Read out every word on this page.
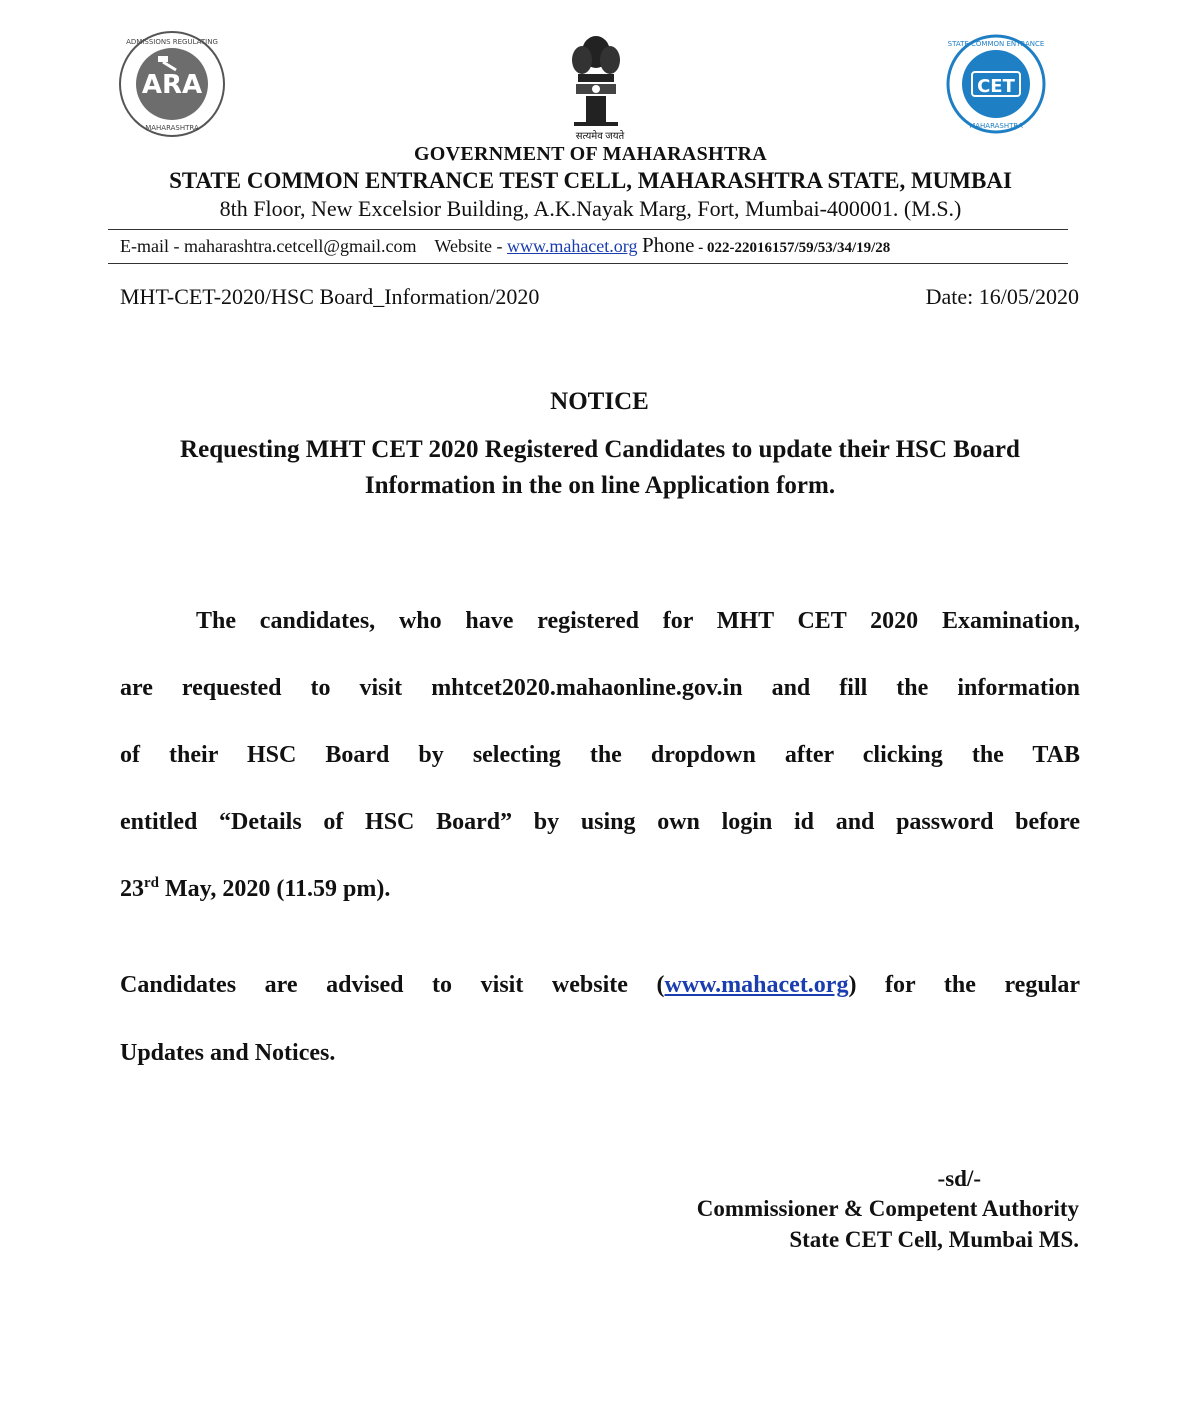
ARA
ADMISSIONS REGULATING
MAHARASHTRA
सत्यमेव जयते
CET
STATE COMMON ENTRANCE
MAHARASHTRA
GOVERNMENT OF MAHARASHTRA
STATE COMMON ENTRANCE TEST CELL, MAHARASHTRA STATE, MUMBAI
8th Floor, New Excelsior Building, A.K.Nayak Marg, Fort, Mumbai-400001. (M.S.)
E-mail - maharashtra.cetcell@gmail.com Website - www.mahacet.org Phone - 022-22016157/59/53/34/19/28
MHT-CET-2020/HSC Board_Information/2020	Date: 16/05/2020
NOTICE
Requesting MHT CET 2020 Registered Candidates to update their HSC Board Information in the on line Application form.
The candidates, who have registered for MHT CET 2020 Examination,
are requested to visit mhtcet2020.mahaonline.gov.in and fill the information
of their HSC Board by selecting the dropdown after clicking the TAB
entitled “Details of HSC Board” by using own login id and password before
23rd May, 2020 (11.59 pm).
Candidates are advised to visit website (www.mahacet.org) for the regular
Updates and Notices.
-sd/-
Commissioner & Competent Authority
State CET Cell, Mumbai MS.
